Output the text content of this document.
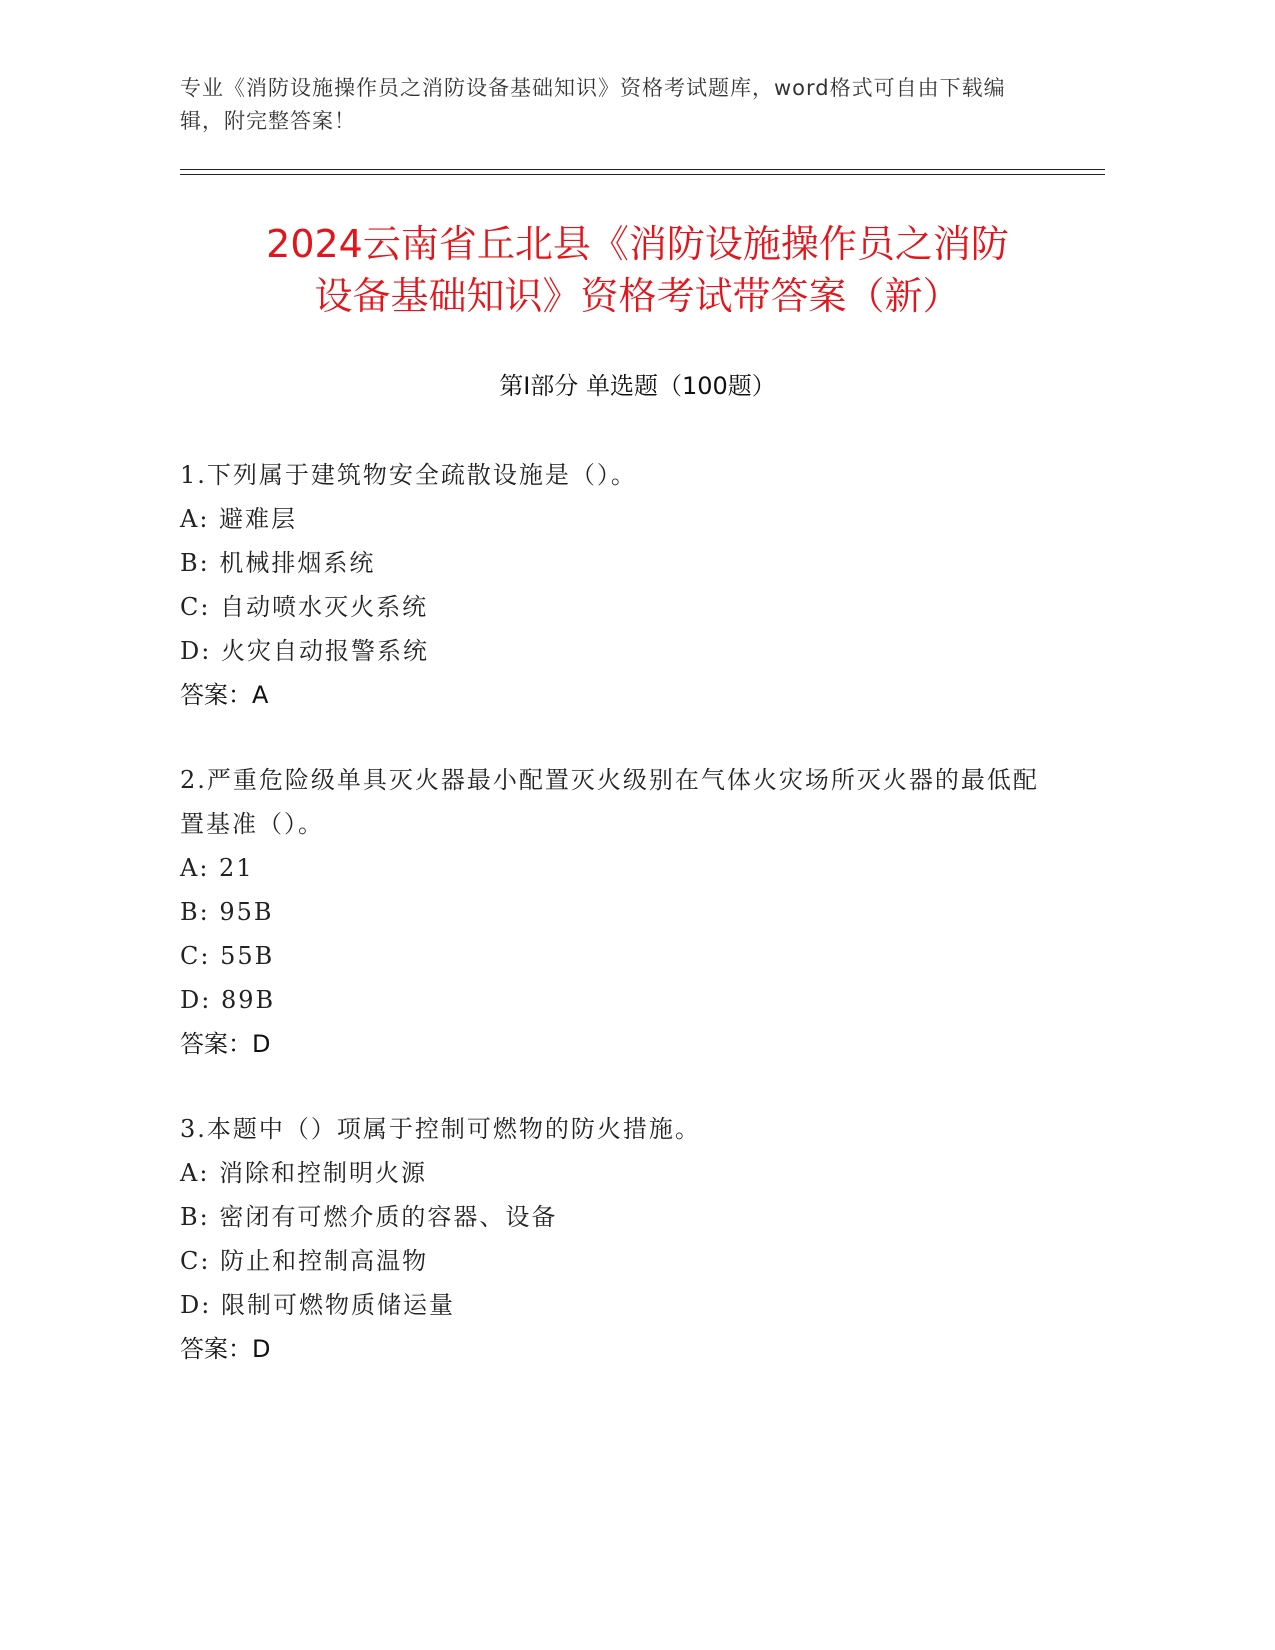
专业《消防设施操作员之消防设备基础知识》资格考试题库，word格式可自由下载编辑，附完整答案！
2024云南省丘北县《消防设施操作员之消防
设备基础知识》资格考试带答案（新）
第Ⅰ部分 单选题（100题）
1.下列属于建筑物安全疏散设施是（）。
A: 避难层
B: 机械排烟系统
C: 自动喷水灭火系统
D: 火灾自动报警系统
答案：A
2.严重危险级单具灭火器最小配置灭火级别在气体火灾场所灭火器的最低配置基准（）。
A: 21
B: 95B
C: 55B
D: 89B
答案：D
3.本题中（）项属于控制可燃物的防火措施。
A: 消除和控制明火源
B: 密闭有可燃介质的容器、设备
C: 防止和控制高温物
D: 限制可燃物质储运量
答案：D
